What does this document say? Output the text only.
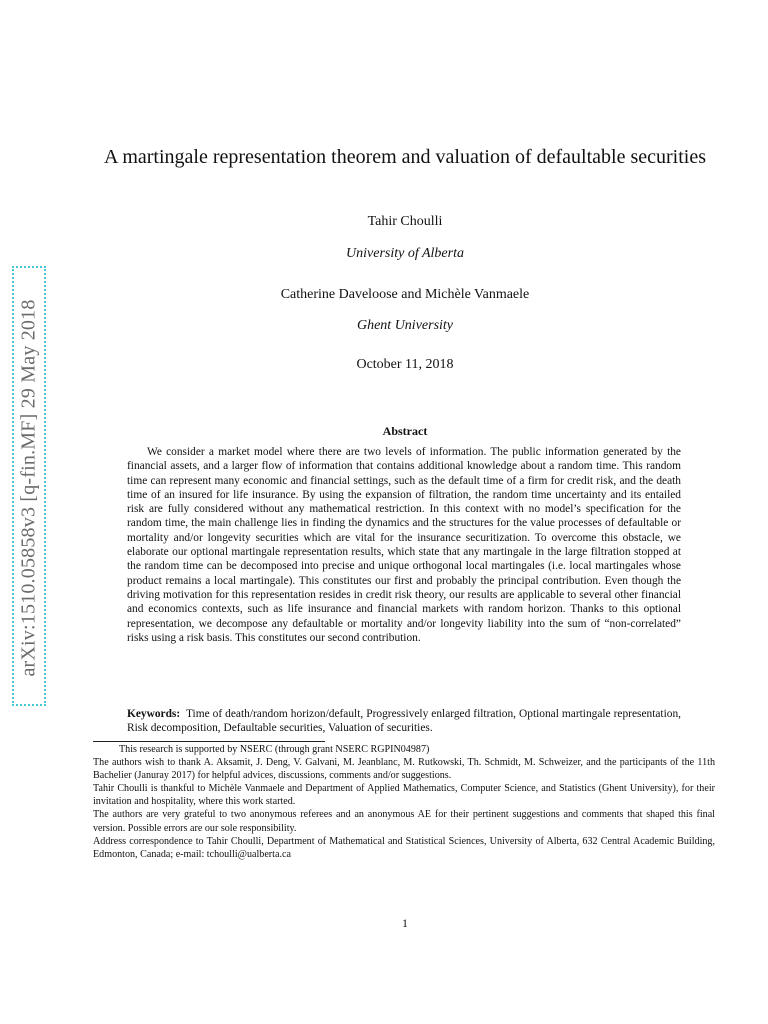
arXiv:1510.05858v3 [q-fin.MF] 29 May 2018
A martingale representation theorem and valuation of defaultable securities
Tahir Choulli
University of Alberta
Catherine Daveloose and Michèle Vanmaele
Ghent University
October 11, 2018
Abstract

We consider a market model where there are two levels of information. The public information generated by the financial assets, and a larger flow of information that contains additional knowledge about a random time. This random time can represent many economic and financial settings, such as the default time of a firm for credit risk, and the death time of an insured for life insurance. By using the expansion of filtration, the random time uncertainty and its entailed risk are fully considered without any mathematical restriction. In this context with no model’s specification for the random time, the main challenge lies in finding the dynamics and the structures for the value processes of defaultable or mortality and/or longevity securities which are vital for the insurance securitization. To overcome this obstacle, we elaborate our optional martingale representation results, which state that any martingale in the large filtration stopped at the random time can be decomposed into precise and unique orthogonal local martingales (i.e. local martingales whose product remains a local martingale). This constitutes our first and probably the principal contribution. Even though the driving motivation for this representation resides in credit risk theory, our results are applicable to several other financial and economics contexts, such as life insurance and financial markets with random horizon. Thanks to this optional representation, we decompose any defaultable or mortality and/or longevity liability into the sum of “non-correlated” risks using a risk basis. This constitutes our second contribution.

Keywords: Time of death/random horizon/default, Progressively enlarged filtration, Optional martingale representation, Risk decomposition, Defaultable securities, Valuation of securities.

This research is supported by NSERC (through grant NSERC RGPIN04987)

The authors wish to thank A. Aksamit, J. Deng, V. Galvani, M. Jeanblanc, M. Rutkowski, Th. Schmidt, M. Schweizer, and the participants of the 11th Bachelier (Januray 2017) for helpful advices, discussions, comments and/or suggestions.

Tahir Choulli is thankful to Michèle Vanmaele and Department of Applied Mathematics, Computer Science, and Statistics (Ghent University), for their invitation and hospitality, where this work started.

The authors are very grateful to two anonymous referees and an anonymous AE for their pertinent suggestions and comments that shaped this final version. Possible errors are our sole responsibility.

Address correspondence to Tahir Choulli, Department of Mathematical and Statistical Sciences, University of Alberta, 632 Central Academic Building, Edmonton, Canada; e-mail: tchoulli@ualberta.ca

1
